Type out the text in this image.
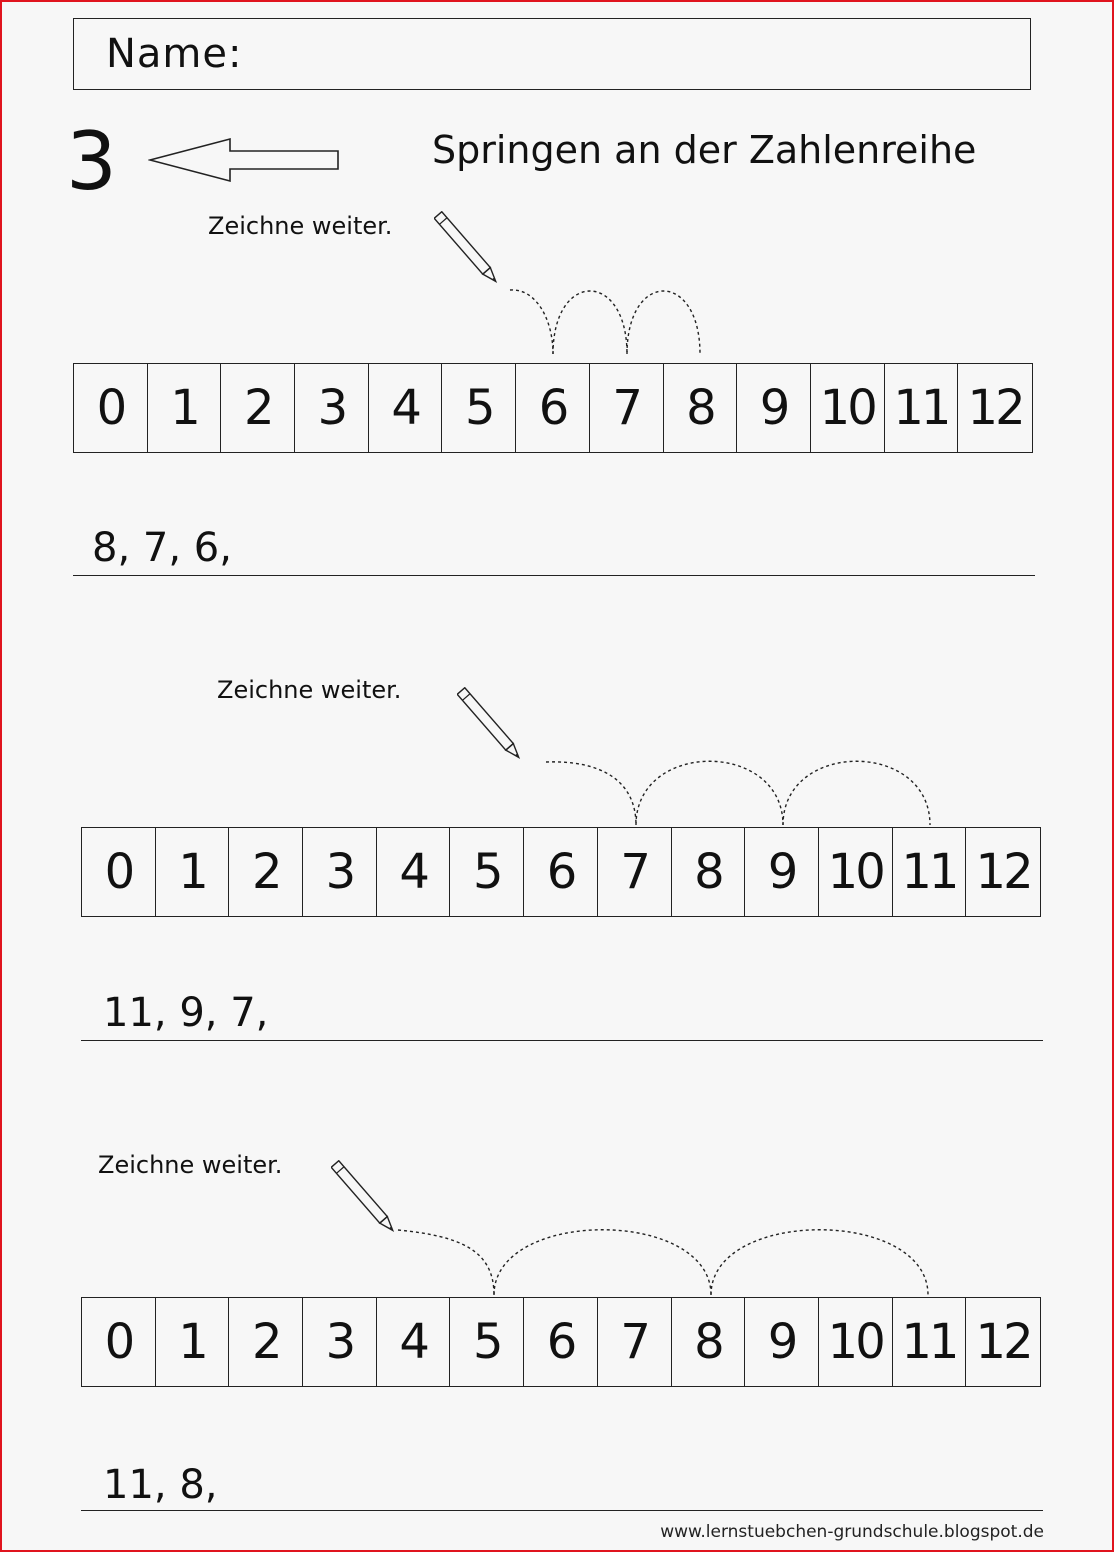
Name:
3	Springen an der Zahlenreihe
Zeichne weiter.
0 1 2 3 4 5 6 7 8 9 10 11 12
8, 7, 6,
Zeichne weiter.
0 1 2 3 4 5 6 7 8 9 10 11 12
11, 9, 7,
Zeichne weiter.
0 1 2 3 4 5 6 7 8 9 10 11 12
11, 8,
www.lernstuebchen-grundschule.blogspot.de
